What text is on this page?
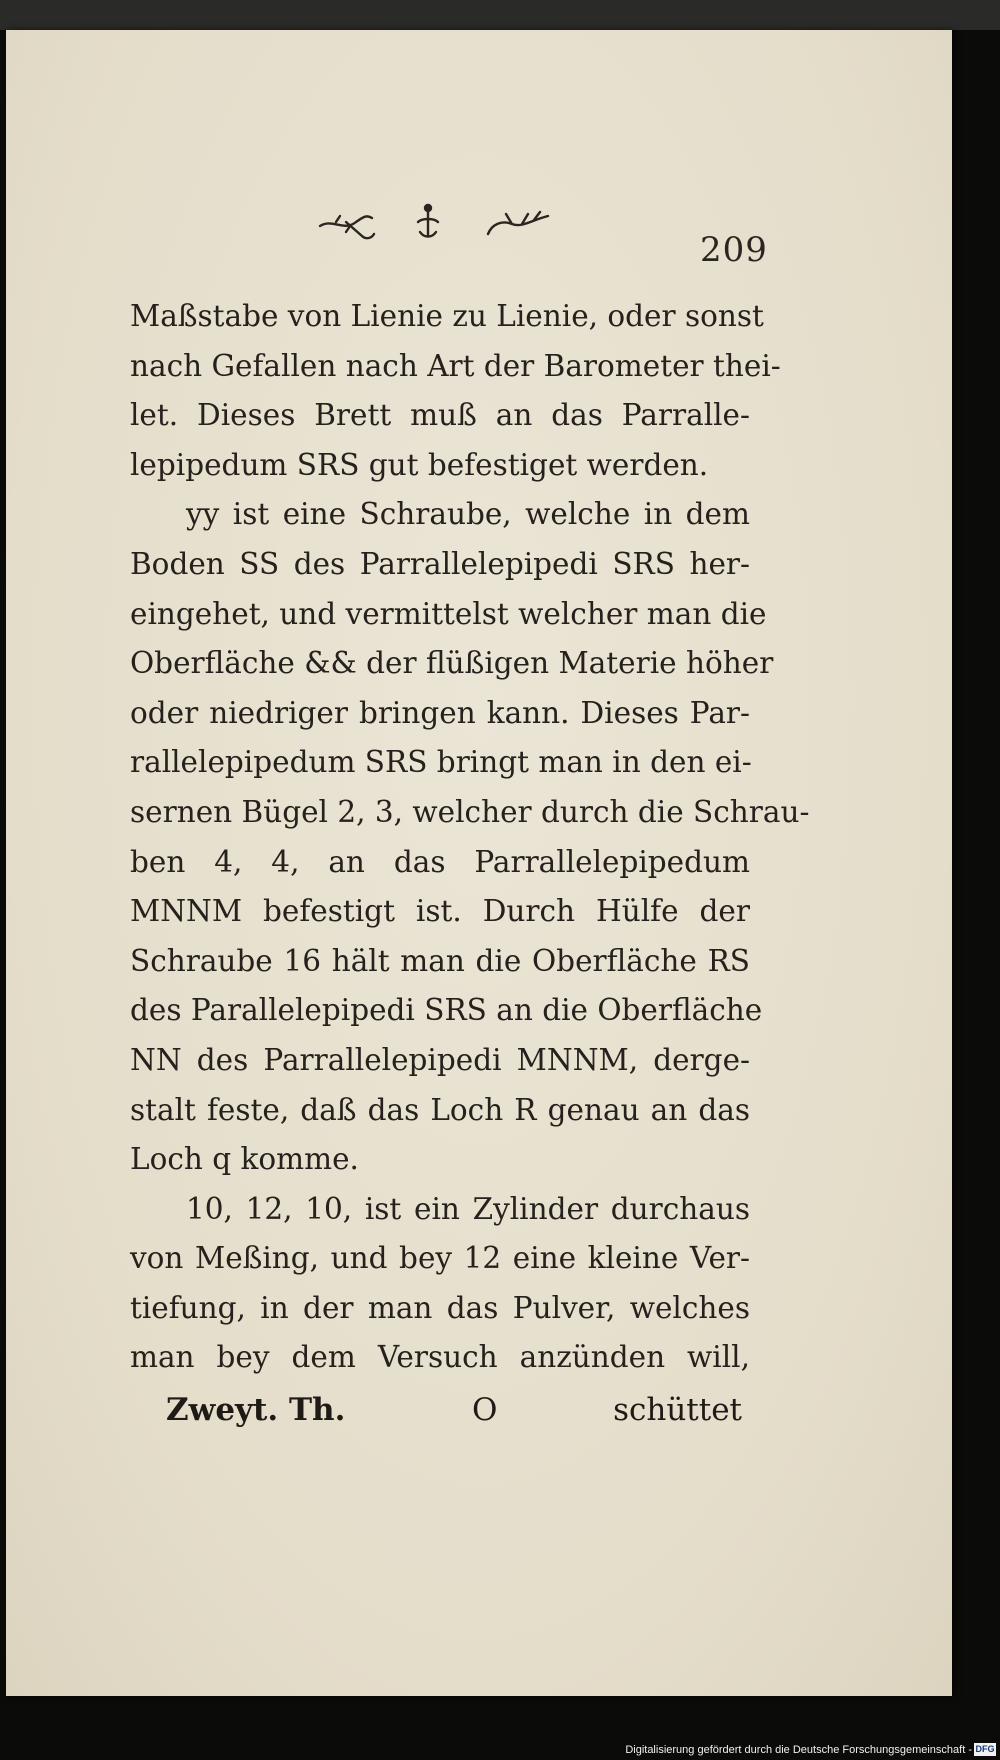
209
Maßstabe von Lienie zu Lienie, oder sonst
nach Gefallen nach Art der Barometer thei-
let. Dieses Brett muß an das Parralle-
lepipedum SRS gut befestiget werden.
yy ist eine Schraube, welche in dem
Boden SS des Parrallelepipedi SRS her-
eingehet, und vermittelst welcher man die
Oberfläche && der flüßigen Materie höher
oder niedriger bringen kann. Dieses Par-
rallelepipedum SRS bringt man in den ei-
sernen Bügel 2, 3, welcher durch die Schrau-
ben 4, 4, an das Parrallelepipedum
MNNM befestigt ist. Durch Hülfe der
Schraube 16 hält man die Oberfläche RS
des Parallelepipedi SRS an die Oberfläche
NN des Parrallelepipedi MNNM, derge-
stalt feste, daß das Loch R genau an das
Loch q komme.
10, 12, 10, ist ein Zylinder durchaus
von Meßing, und bey 12 eine kleine Ver-
tiefung, in der man das Pulver, welches
man bey dem Versuch anzünden will,
Zweyt. Th.	O	schüttet
Digitalisierung gefördert durch die Deutsche Forschungsgemeinschaft - DFG
